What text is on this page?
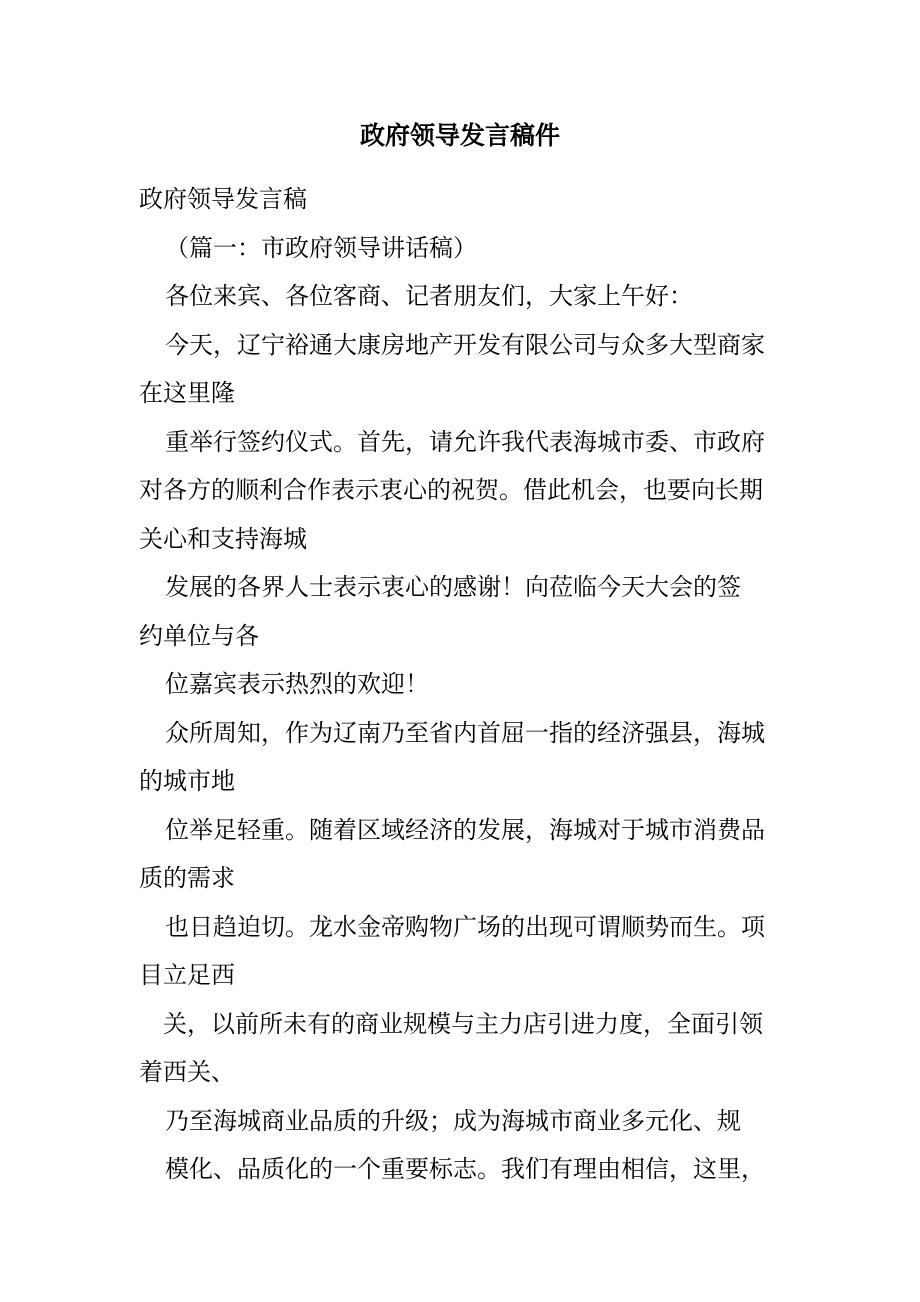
政府领导发言稿件
政府领导发言稿
（篇一：市政府领导讲话稿）
各位来宾、各位客商、记者朋友们，大家上午好：
今天，辽宁裕通大康房地产开发有限公司与众多大型商家
在这里隆
重举行签约仪式。首先，请允许我代表海城市委、市政府
对各方的顺利合作表示衷心的祝贺。借此机会，也要向长期
关心和支持海城
发展的各界人士表示衷心的感谢！向莅临今天大会的签
约单位与各
位嘉宾表示热烈的欢迎！
众所周知，作为辽南乃至省内首屈一指的经济强县，海城
的城市地
位举足轻重。随着区域经济的发展，海城对于城市消费品
质的需求
也日趋迫切。龙水金帝购物广场的出现可谓顺势而生。项
目立足西
关，以前所未有的商业规模与主力店引进力度，全面引领
着西关、
乃至海城商业品质的升级；成为海城市商业多元化、规
模化、品质化的一个重要标志。我们有理由相信，这里，
